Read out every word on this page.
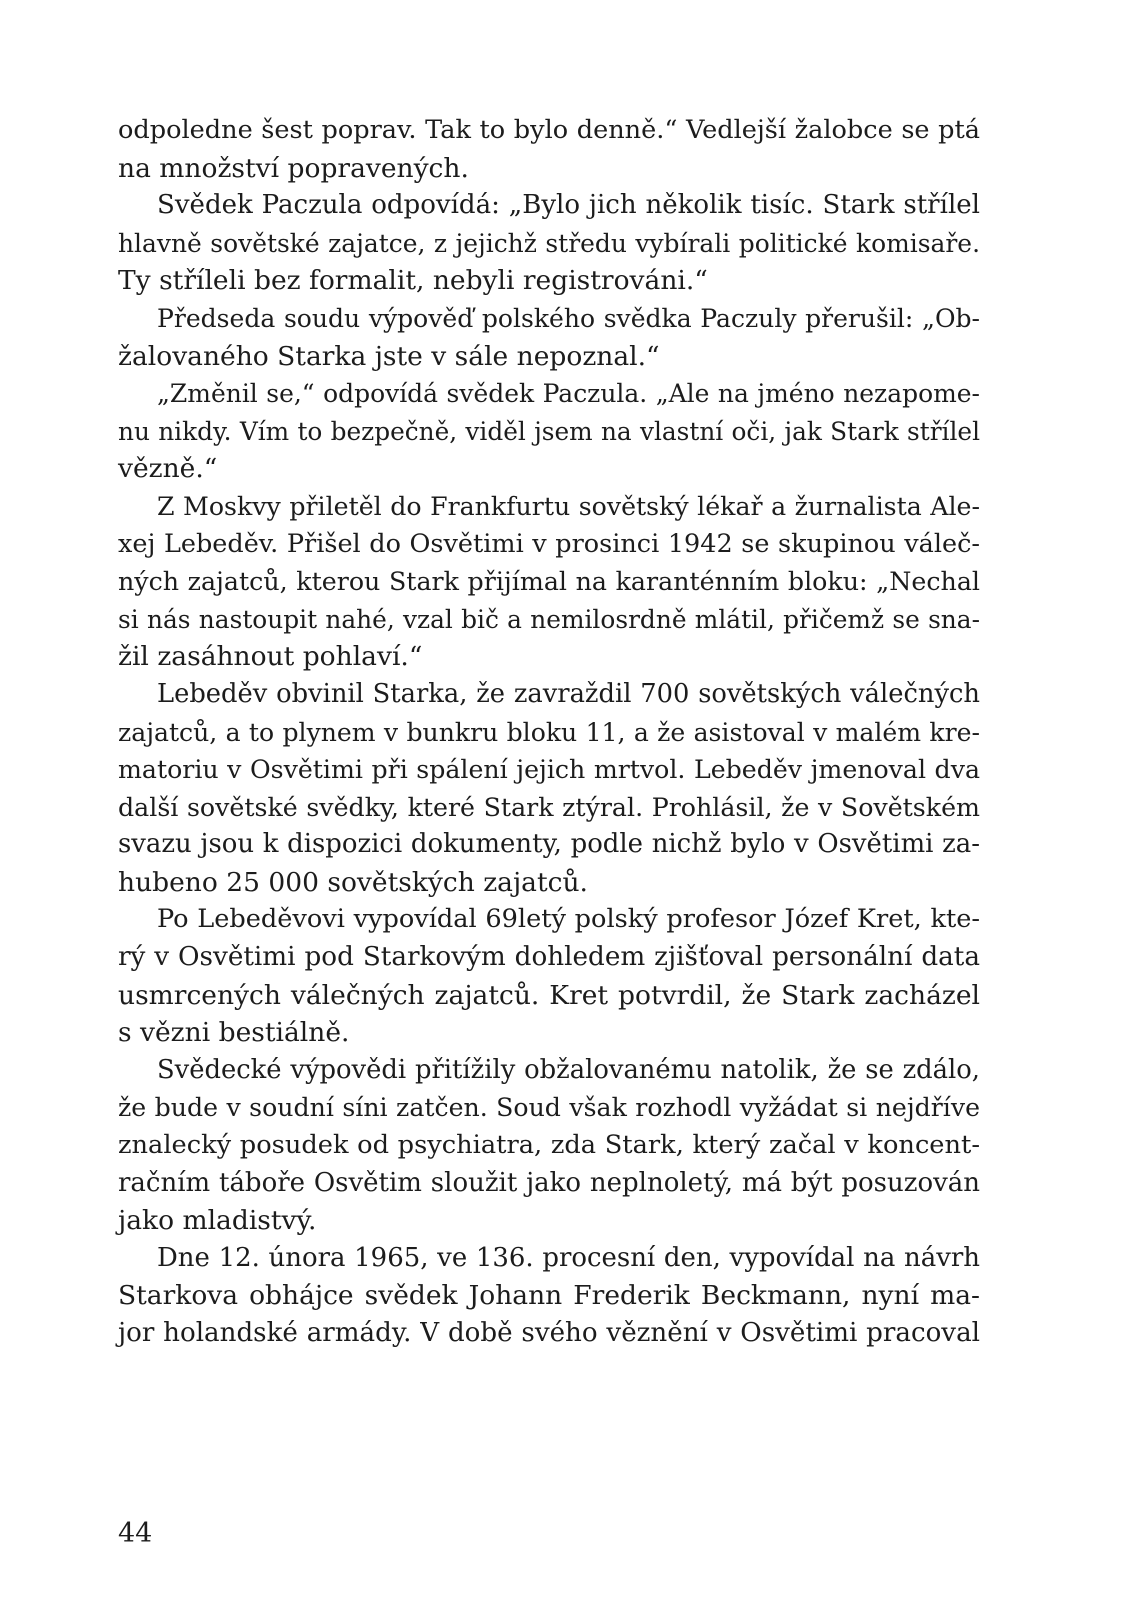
odpoledne šest poprav. Tak to bylo denně.“ Vedlejší žalobce se ptá
na množství popravených.
Svědek Paczula odpovídá: „Bylo jich několik tisíc. Stark střílel
hlavně sovětské zajatce, z jejichž středu vybírali politické komisaře.
Ty stříleli bez formalit, nebyli registrováni.“
Předseda soudu výpověď polského svědka Paczuly přerušil: „Ob-
žalovaného Starka jste v sále nepoznal.“
„Změnil se,“ odpovídá svědek Paczula. „Ale na jméno nezapome-
nu nikdy. Vím to bezpečně, viděl jsem na vlastní oči, jak Stark střílel
vězně.“
Z Moskvy přiletěl do Frankfurtu sovětský lékař a žurnalista Ale-
xej Lebeděv. Přišel do Osvětimi v prosinci 1942 se skupinou váleč-
ných zajatců, kterou Stark přijímal na karanténním bloku: „Nechal
si nás nastoupit nahé, vzal bič a nemilosrdně mlátil, přičemž se sna-
žil zasáhnout pohlaví.“
Lebeděv obvinil Starka, že zavraždil 700 sovětských válečných
zajatců, a to plynem v bunkru bloku 11, a že asistoval v malém kre-
matoriu v Osvětimi při spálení jejich mrtvol. Lebeděv jmenoval dva
další sovětské svědky, které Stark ztýral. Prohlásil, že v Sovětském
svazu jsou k dispozici dokumenty, podle nichž bylo v Osvětimi za-
hubeno 25 000 sovětských zajatců.
Po Lebeděvovi vypovídal 69letý polský profesor Józef Kret, kte-
rý v Osvětimi pod Starkovým dohledem zjišťoval personální data
usmrcených válečných zajatců. Kret potvrdil, že Stark zacházel
s vězni bestiálně.
Svědecké výpovědi přitížily obžalovanému natolik, že se zdálo,
že bude v soudní síni zatčen. Soud však rozhodl vyžádat si nejdříve
znalecký posudek od psychiatra, zda Stark, který začal v koncent-
račním táboře Osvětim sloužit jako neplnoletý, má být posuzován
jako mladistvý.
Dne 12. února 1965, ve 136. procesní den, vypovídal na návrh
Starkova obhájce svědek Johann Frederik Beckmann, nyní ma-
jor holandské armády. V době svého věznění v Osvětimi pracoval
44
